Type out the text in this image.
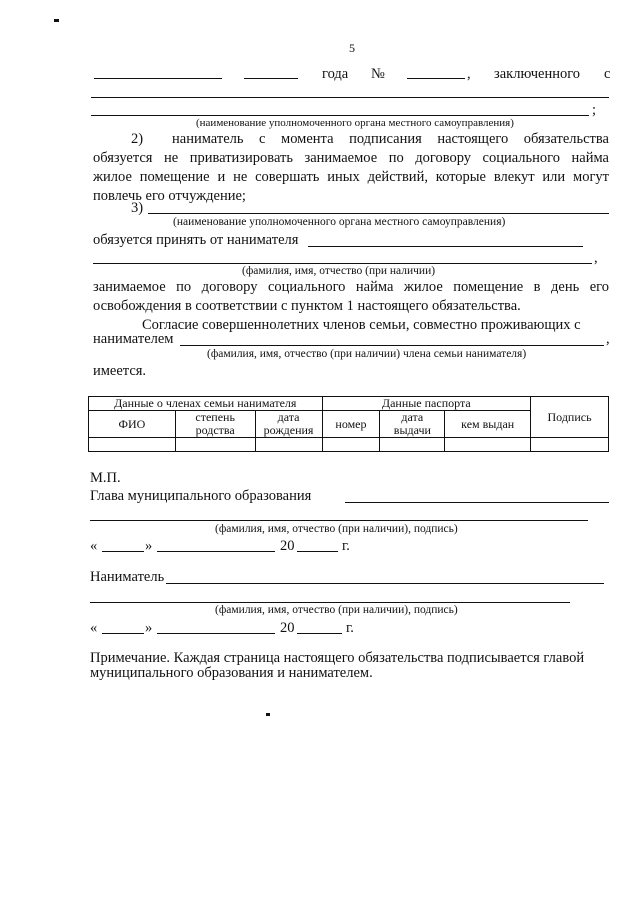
5
года №	, заключенного с
;
(наименование уполномоченного органа местного самоуправления)
2) наниматель с момента подписания настоящего обязательства
обязуется не приватизировать занимаемое по договору социального найма
жилое помещение и не совершать иных действий, которые влекут или могут
повлечь его отчуждение;
3)
(наименование уполномоченного органа местного самоуправления)
обязуется принять от нанимателя
,
(фамилия, имя, отчество (при наличии)
занимаемое по договору социального найма жилое помещение в день его
освобождения в соответствии с пунктом 1 настоящего обязательства.
Согласие совершеннолетних членов семьи, совместно проживающих с
нанимателем	,
(фамилия, имя, отчество (при наличии) члена семьи нанимателя)
имеется.
Данные о членах семьи нанимателя			Данные паспорта			Подпись
ФИО	степень родства	дата рождения	номер	дата выдачи	кем выдан	

М.П.
Глава муниципального образования
(фамилия, имя, отчество (при наличии), подпись)
«	»	20	г.
Наниматель
(фамилия, имя, отчество (при наличии), подпись)
«	»	20	г.
Примечание. Каждая страница настоящего обязательства подписывается главой
муниципального образования и нанимателем.
